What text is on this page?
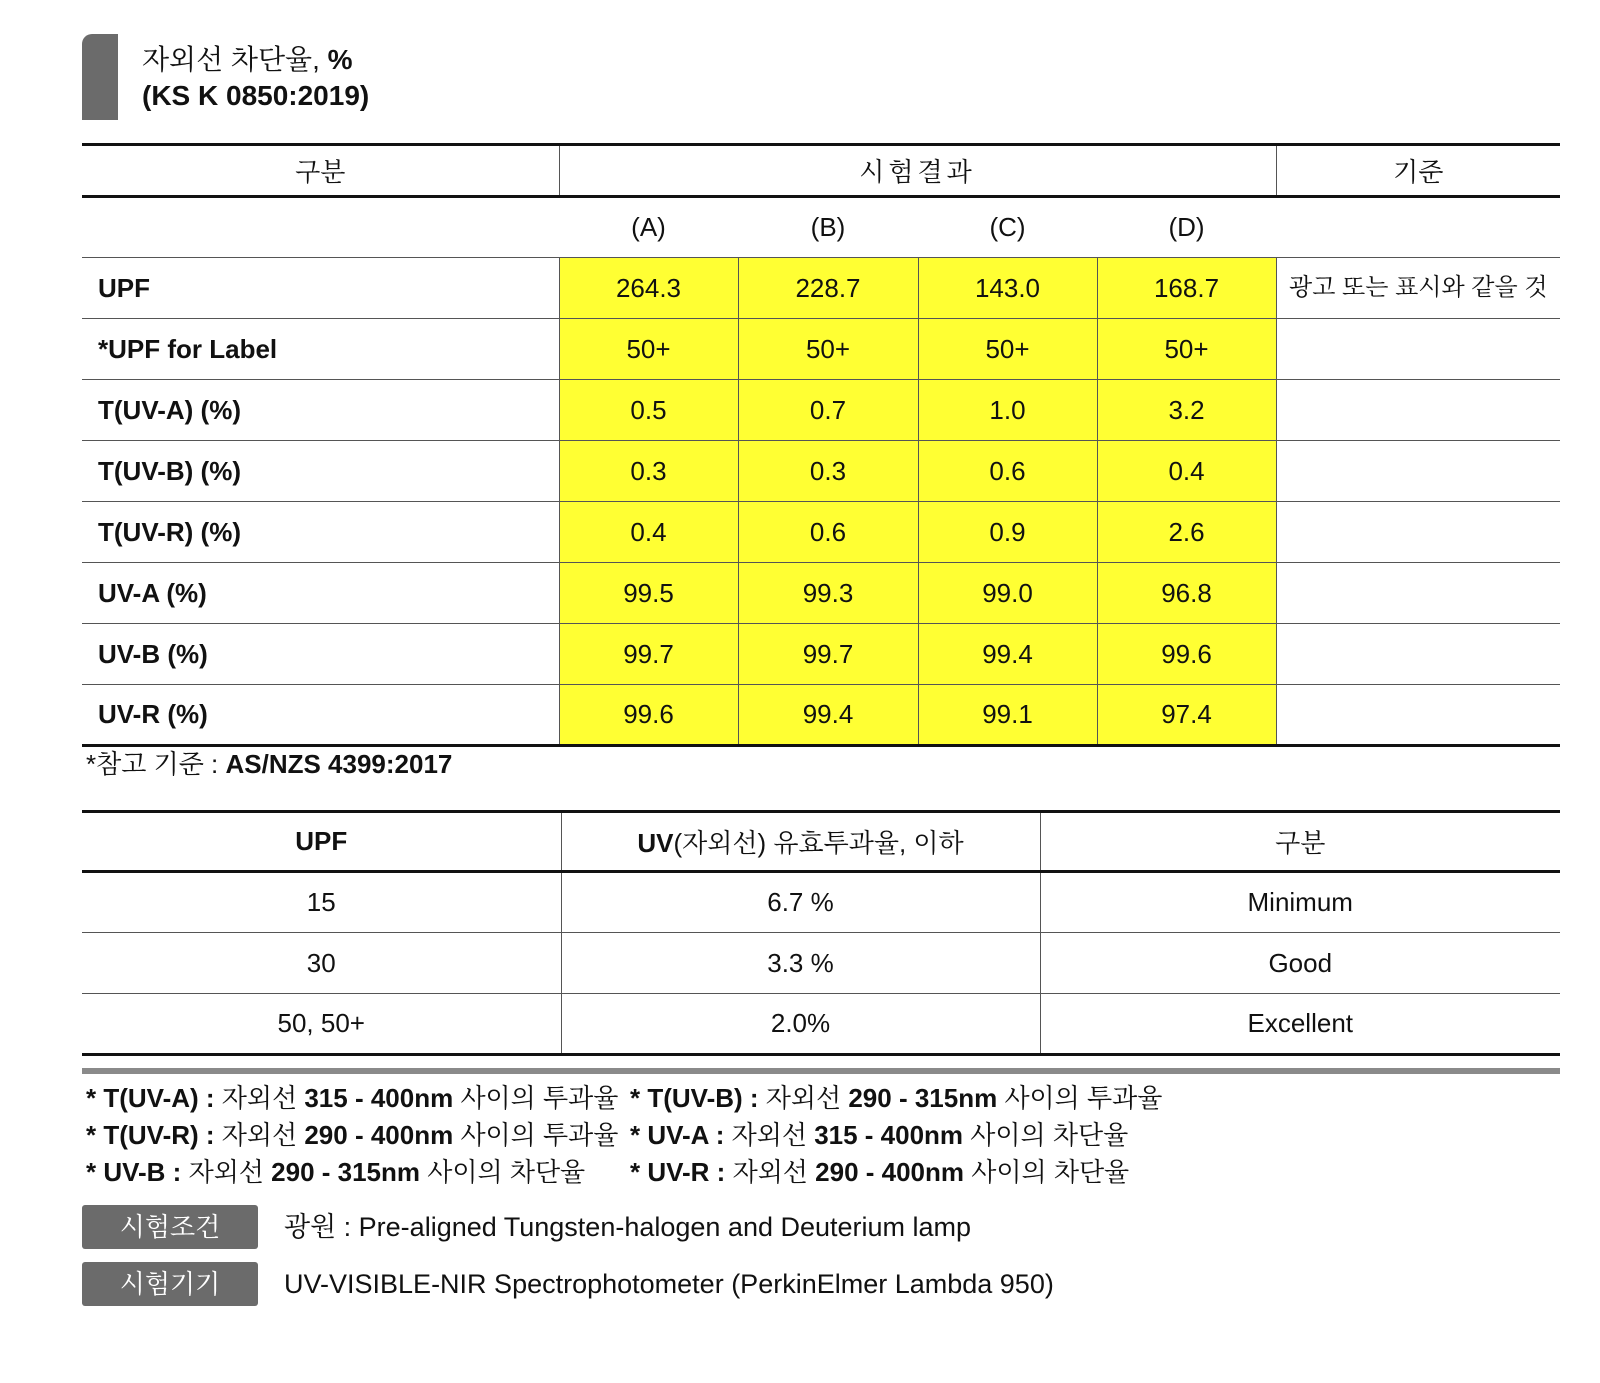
자외선 차단율, %
(KS K 0850:2019)
구분	시험결과				기준
	(A)	(B)	(C)	(D)	
UPF	264.3	228.7	143.0	168.7	광고 또는 표시와 같을 것
*UPF for Label	50+	50+	50+	50+	
T(UV-A) (%)	0.5	0.7	1.0	3.2	
T(UV-B) (%)	0.3	0.3	0.6	0.4	
T(UV-R) (%)	0.4	0.6	0.9	2.6	
UV-A (%)	99.5	99.3	99.0	96.8	
UV-B (%)	99.7	99.7	99.4	99.6	
UV-R (%)	99.6	99.4	99.1	97.4	
*참고 기준 : AS/NZS 4399:2017
UPF	UV(자외선) 유효투과율, 이하	구분
15	6.7 %	Minimum
30	3.3 %	Good
50, 50+	2.0%	Excellent
* T(UV-A) : 자외선 315 - 400nm 사이의 투과율 * T(UV-B) : 자외선 290 - 315nm 사이의 투과율
* T(UV-R) : 자외선 290 - 400nm 사이의 투과율 * UV-A : 자외선 315 - 400nm 사이의 차단율
* UV-B : 자외선 290 - 315nm 사이의 차단율 * UV-R : 자외선 290 - 400nm 사이의 차단율
시험조건	광원 : Pre-aligned Tungsten-halogen and Deuterium lamp
시험기기	UV-VISIBLE-NIR Spectrophotometer (PerkinElmer Lambda 950)
